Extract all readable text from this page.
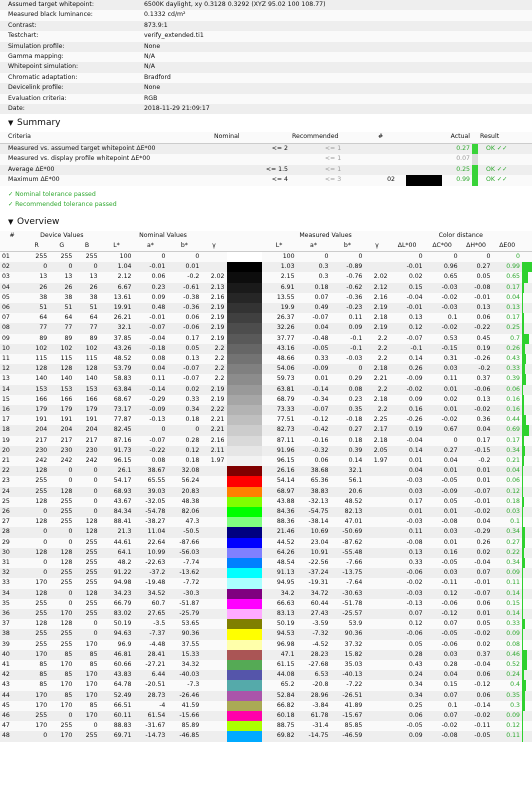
Assumed target whitepoint:	6500K daylight, xy 0.3128 0.3292 (XYZ 95.02 100 108.77)
Measured black luminance:	0.1332 cd/m²
Contrast:	873.9:1
Testchart:	verify_extended.ti1
Simulation profile:	None
Gamma mapping:	N/A
Whitepoint simulation:	N/A
Chromatic adaptation:	Bradford
Devicelink profile:	None
Evaluation criteria:	RGB
Date:	2018-11-29 21:09:17
▼ Summary
Criteria	Nominal	Recommended	#		Actual		Result
Measured vs. assumed target whitepoint ΔE*00	<= 2	<= 1			0.27		OK ✓✓
Measured vs. display profile whitepoint ΔE*00		<= 1			0.07		
Average ΔE*00	<= 1.5	<= 1			0.25		OK ✓✓
Maximum ΔE*00	<= 4	<= 3	02		0.99		OK ✓✓
✓ Nominal tolerance passed
✓ Recommended tolerance passed
▼ Overview
#	Device Values			Nominal Values					Measured Values				Color distance				
	R	G	B	L*	a*	b*	γ		L*	a*	b*	γ	ΔL*00	ΔC*00	ΔH*00	ΔE00	
01	255	255	255	100	0	0			100	0	0		0	0	0	0	

02	0	0	0	1.04	-0.01	0.01			1.03	0.3	-0.89		-0.01	0.96	0.27	0.99	

03	13	13	13	2.12	0.06	-0.2	2.02		2.15	0.3	-0.76	2.02	0.02	0.65	0.05	0.65	

04	26	26	26	6.67	0.23	-0.61	2.13		6.91	0.18	-0.62	2.12	0.15	-0.03	-0.08	0.17	

05	38	38	38	13.61	0.09	-0.38	2.16		13.55	0.07	-0.36	2.16	-0.04	-0.02	-0.01	0.04	

06	51	51	51	19.91	0.48	-0.36	2.19		19.9	0.49	-0.23	2.19	-0.01	-0.03	0.13	0.13	

07	64	64	64	26.21	-0.01	0.06	2.19		26.37	-0.07	0.11	2.18	0.13	0.1	0.06	0.17	

08	77	77	77	32.1	-0.07	-0.06	2.19		32.26	0.04	0.09	2.19	0.12	-0.02	-0.22	0.25	

09	89	89	89	37.85	-0.04	0.17	2.19		37.77	-0.48	-0.1	2.2	-0.07	0.53	0.45	0.7	

10	102	102	102	43.26	-0.18	0.05	2.2		43.16	-0.05	-0.1	2.2	-0.1	-0.15	0.19	0.26	

11	115	115	115	48.52	0.08	0.13	2.2		48.66	0.33	-0.03	2.2	0.14	0.31	-0.26	0.43	

12	128	128	128	53.79	0.04	-0.07	2.2		54.06	-0.09	0	2.18	0.26	0.03	-0.2	0.33	

13	140	140	140	58.83	0.11	-0.07	2.2		59.73	0.01	0.29	2.21	-0.09	0.11	0.37	0.39	

14	153	153	153	63.84	-0.14	0.02	2.19		63.81	-0.14	0.08	2.2	-0.02	0.01	-0.06	0.06	

15	166	166	166	68.67	-0.29	0.33	2.19		68.79	-0.34	0.23	2.18	0.09	0.02	0.13	0.16	

16	179	179	179	73.17	-0.09	0.34	2.22		73.33	-0.07	0.35	2.2	0.16	0.01	-0.02	0.16	

17	191	191	191	77.87	-0.13	0.18	2.21		77.51	-0.12	-0.18	2.25	-0.26	-0.02	0.36	0.44	

18	204	204	204	82.45	0	0	2.21		82.73	-0.42	0.27	2.17	0.19	0.67	0.04	0.69	

19	217	217	217	87.16	-0.07	0.28	2.16		87.11	-0.16	0.18	2.18	-0.04	0	0.17	0.17	

20	230	230	230	91.73	-0.22	0.12	2.11		91.96	-0.32	0.39	2.05	0.14	0.27	-0.15	0.34	

21	242	242	242	96.15	0.08	0.18	1.97		96.15	0.06	0.14	1.97	0.01	0.04	-0.2	0.21	

22	128	0	0	26.1	38.67	32.08			26.16	38.68	32.1		0.04	0.01	0.01	0.04	

23	255	0	0	54.17	65.55	56.24			54.14	65.36	56.1		-0.03	-0.05	0.01	0.06	

24	255	128	0	68.93	39.03	20.83			68.97	38.83	20.6		0.03	-0.09	-0.07	0.12	

25	128	255	0	43.67	-32.05	48.38			43.88	-32.13	48.52		0.17	0.05	-0.01	0.18	

26	0	255	0	84.34	-54.78	82.06			84.36	-54.75	82.13		0.01	0.01	-0.02	0.03	

27	128	255	128	88.41	-38.27	47.3			88.36	-38.14	47.01		-0.03	-0.08	0.04	0.1	

28	0	0	128	21.3	11.04	-50.5			21.46	10.69	-50.69		0.11	0.03	-0.29	0.34	

29	0	0	255	44.61	22.64	-87.66			44.52	23.04	-87.62		-0.08	0.01	0.26	0.27	

30	128	128	255	64.1	10.99	-56.03			64.26	10.91	-55.48		0.13	0.16	0.02	0.22	

31	0	128	255	48.2	-22.63	-7.74			48.54	-22.56	-7.66		0.33	-0.05	-0.04	0.34	

32	0	255	255	91.22	-37.2	-13.62			91.13	-37.24	-13.75		-0.06	0.03	0.07	0.09	

33	170	255	255	94.98	-19.48	-7.72			94.95	-19.31	-7.64		-0.02	-0.11	-0.01	0.11	

34	128	0	128	34.23	34.52	-30.3			34.2	34.72	-30.63		-0.03	0.12	-0.07	0.14	

35	255	0	255	66.79	60.7	-51.87			66.63	60.44	-51.78		-0.13	-0.06	0.06	0.15	

36	255	170	255	83.02	27.65	-25.79			83.13	27.43	-25.57		0.07	-0.12	0.01	0.14	

37	128	128	0	50.19	-3.5	53.65			50.19	-3.59	53.9		0.12	0.07	0.05	0.33	

38	255	255	0	94.63	-7.37	90.36			94.53	-7.32	90.36		-0.06	-0.05	-0.02	0.09	

39	255	255	170	96.9	-4.48	37.55			96.98	-4.52	37.32		0.05	-0.06	0.02	0.08	

40	170	85	85	46.81	28.41	15.33			47.1	28.23	15.82		0.28	0.03	0.37	0.46	

41	85	170	85	60.66	-27.21	34.32			61.15	-27.68	35.03		0.43	0.28	-0.04	0.52	

42	85	85	170	43.83	6.44	-40.03			44.08	6.53	-40.13		0.24	0.04	0.06	0.24	

43	85	170	170	64.78	-20.51	-7.3			65.2	-20.8	-7.22		0.34	0.15	-0.12	0.4	

44	170	85	170	52.49	28.73	-26.46			52.84	28.96	-26.51		0.34	0.07	0.06	0.35	

45	170	170	85	66.51	-4	41.59			66.82	-3.84	41.89		0.25	0.1	-0.14	0.3	

46	255	0	170	60.11	61.54	-15.66			60.18	61.78	-15.67		0.06	0.07	-0.02	0.09	

47	170	255	0	88.83	-31.67	85.89			88.75	-31.4	85.85		-0.05	-0.02	-0.11	0.12	

48	0	170	255	69.71	-14.73	-46.85			69.82	-14.75	-46.59		0.09	-0.08	-0.05	0.11	
